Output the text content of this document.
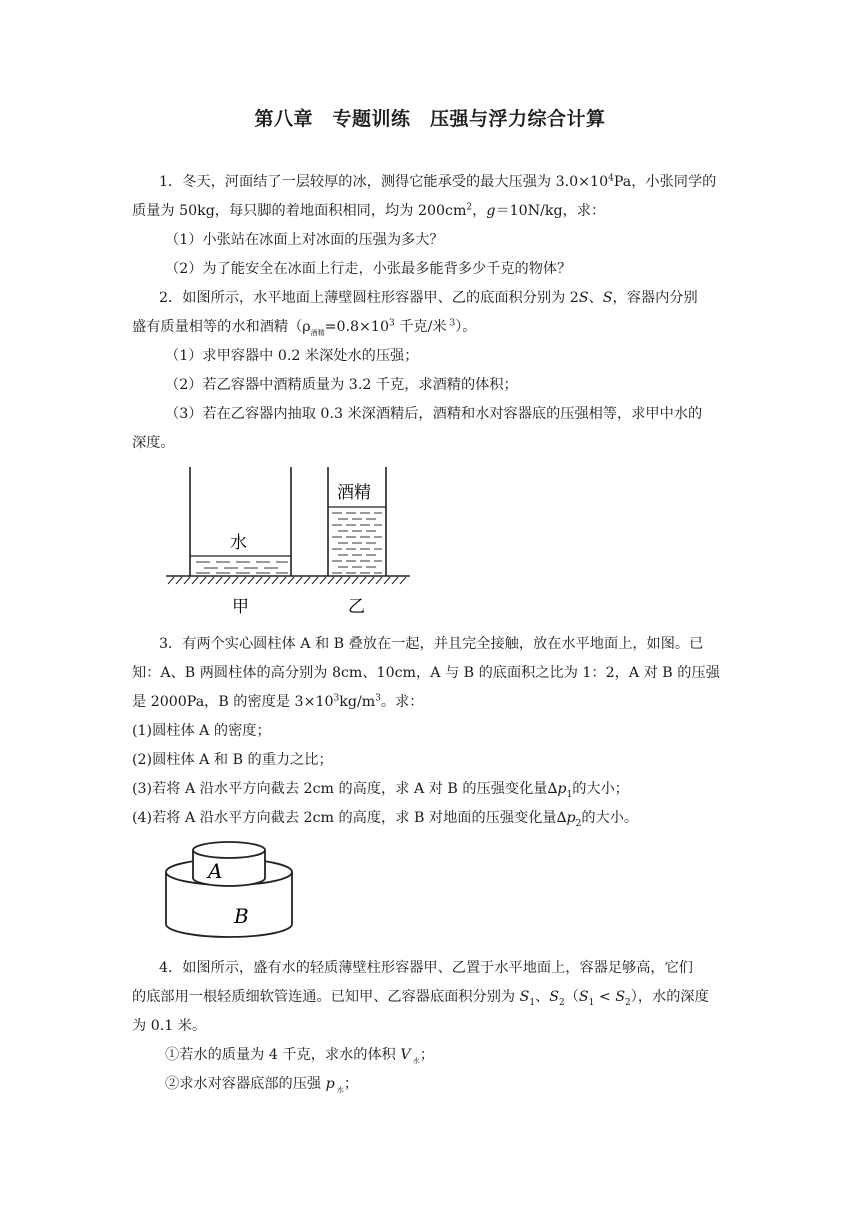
第八章　专题训练　压强与浮力综合计算
1．冬天，河面结了一层较厚的冰，测得它能承受的最大压强为 $3.0\times 10^4Pa$，小张同学的
质量为 50kg，每只脚的着地面积相同，均为 $200cm^2$，g＝10N/kg，求：
（1）小张站在冰面上对冰面的压强为多大？
（2）为了能安全在冰面上行走，小张最多能背多少千克的物体？
2．如图所示，水平地面上薄壁圆柱形容器甲、乙的底面积分别为 2S、S，容器内分别
盛有质量相等的水和酒精（$\rho_{酒精}=0.8\times 10^3$ 千克/米 $^3$）。
（1）求甲容器中 0.2 米深处水的压强；
（2）若乙容器中酒精质量为 3.2 千克，求酒精的体积；
（3）若在乙容器内抽取 0.3 米深酒精后，酒精和水对容器底的压强相等，求甲中水的
深度。
水
酒精
甲	乙
3．有两个实心圆柱体 A 和 B 叠放在一起，并且完全接触，放在水平地面上，如图。已
知：A、B 两圆柱体的高分别为 8cm、10cm，A 与 B 的底面积之比为 1：2，A 对 B 的压强
是 2000Pa，B 的密度是 $3\times 10^3kg/m^3$。求：
(1)圆柱体 A 的密度；
(2)圆柱体 A 和 B 的重力之比；
(3)若将 A 沿水平方向截去 2cm 的高度，求 A 对 B 的压强变化量$\Delta p_1$的大小；
(4)若将 A 沿水平方向截去 2cm 的高度，求 B 对地面的压强变化量$\Delta p_2$的大小。
A
B
4．如图所示，盛有水的轻质薄壁柱形容器甲、乙置于水平地面上，容器足够高，它们
的底部用一根轻质细软管连通。已知甲、乙容器底面积分别为 $S_1$、$S_2(S_1 < S_2)$，水的深度
为 0.1 米。
①若水的质量为 4 千克，求水的体积 V $_水$；
②求水对容器底部的压强 p $_水$；
